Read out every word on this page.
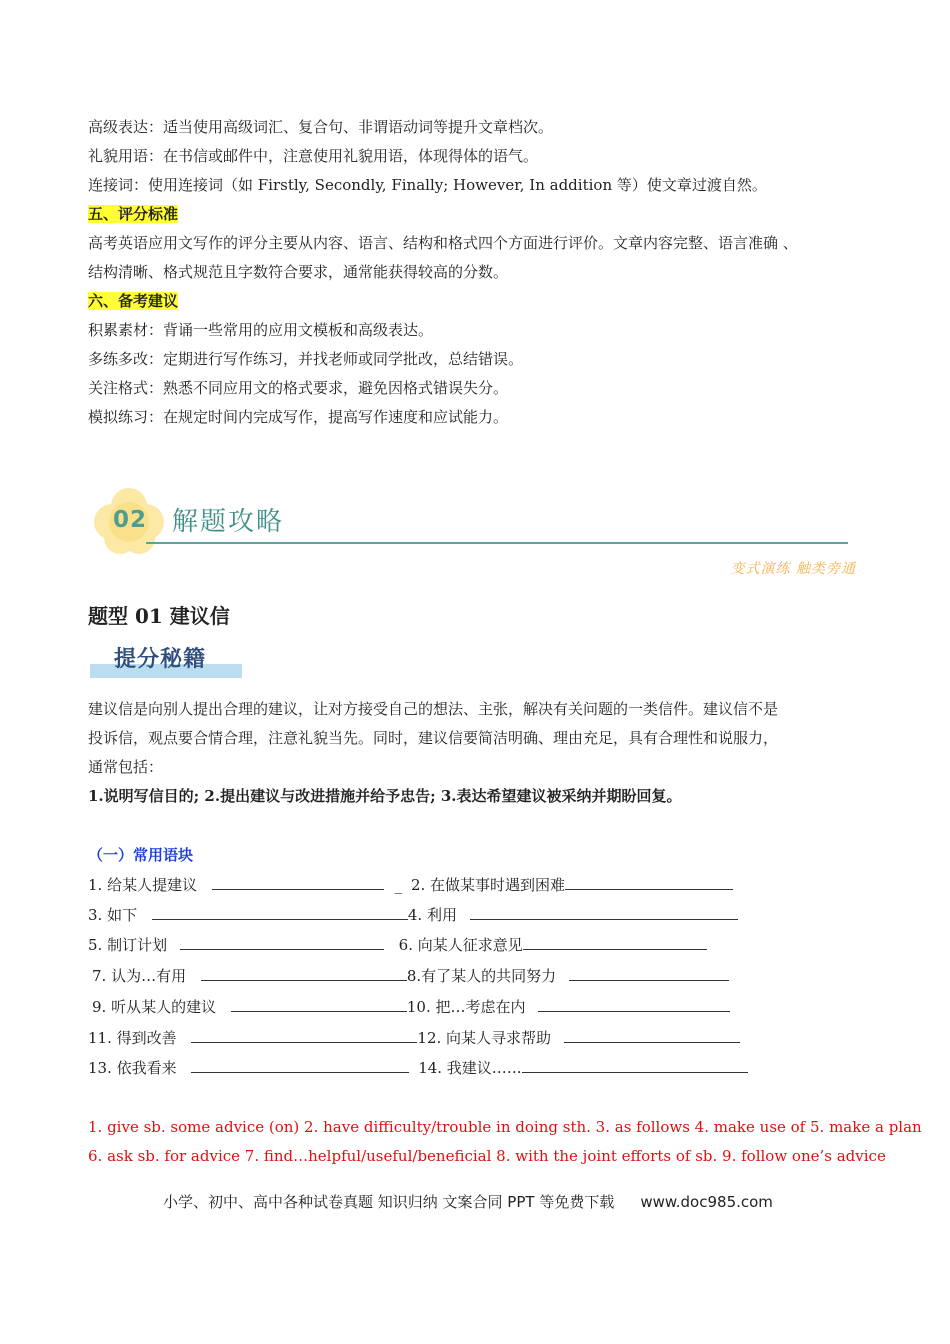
高级表达：适当使用高级词汇、复合句、非谓语动词等提升文章档次。
礼貌用语：在书信或邮件中，注意使用礼貌用语，体现得体的语气。
连接词：使用连接词（如 Firstly, Secondly, Finally; However, In addition 等）使文章过渡自然。
五、评分标准
高考英语应用文写作的评分主要从内容、语言、结构和格式四个方面进行评价。文章内容完整、语言准确 、
结构清晰、格式规范且字数符合要求，通常能获得较高的分数。
六、备考建议
积累素材：背诵一些常用的应用文模板和高级表达。
多练多改：定期进行写作练习，并找老师或同学批改，总结错误。
关注格式：熟悉不同应用文的格式要求，避免因格式错误失分。
模拟练习：在规定时间内完成写作，提高写作速度和应试能力。
02 解题攻略
变式演练 触类旁通
题型 01 建议信
提分秘籍
建议信是向别人提出合理的建议，让对方接受自己的想法、主张，解决有关问题的一类信件。建议信不是
投诉信，观点要合情合理，注意礼貌当先。同时，建议信要简洁明确、理由充足，具有合理性和说服力，
通常包括：
1.说明写信目的; 2.提出建议与改进措施并给予忠告; 3.表达希望建议被采纳并期盼回复。
（一）常用语块
1. 给某人提建议	_ 2. 在做某事时遇到困难
3. 如下	4. 利用
5. 制订计划	6. 向某人征求意见
7. 认为…有用	8.有了某人的共同努力
9. 听从某人的建议	10. 把…考虑在内
11. 得到改善	12. 向某人寻求帮助
13. 依我看来	14. 我建议……
1. give sb. some advice (on) 2. have difficulty/trouble in doing sth. 3. as follows 4. make use of 5. make a plan
6. ask sb. for advice 7. find…helpful/useful/beneficial 8. with the joint efforts of sb. 9. follow one’s advice
小学、初中、高中各种试卷真题 知识归纳 文案合同 PPT 等免费下载 www.doc985.com
